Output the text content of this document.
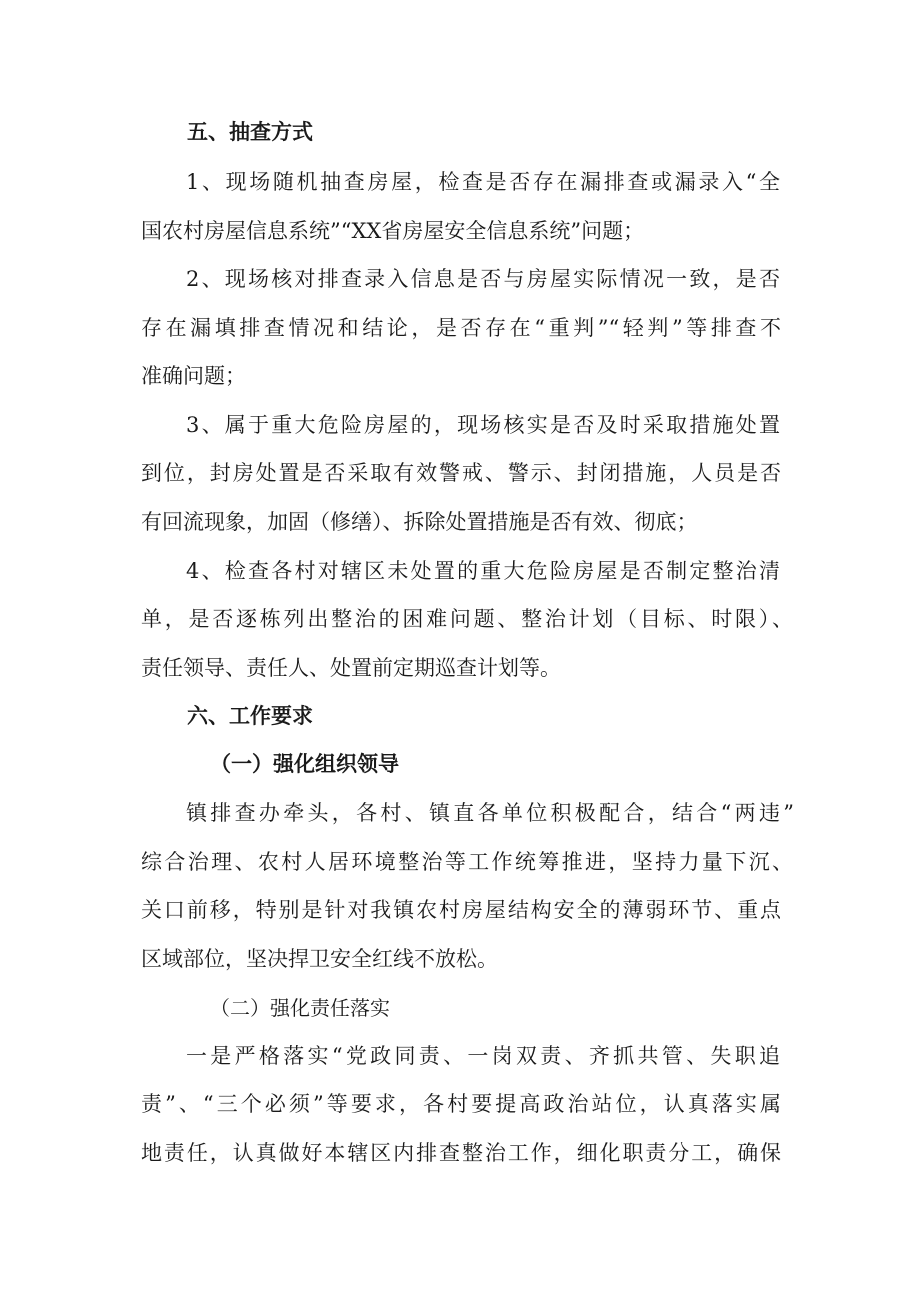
五、抽查方式
1、现场随机抽查房屋，检查是否存在漏排查或漏录入“全
国农村房屋信息系统”“XX省房屋安全信息系统”问题；
2、现场核对排查录入信息是否与房屋实际情况一致，是否
存在漏填排查情况和结论，是否存在“重判”“轻判”等排查不
准确问题；
3、属于重大危险房屋的，现场核实是否及时采取措施处置
到位，封房处置是否采取有效警戒、警示、封闭措施，人员是否
有回流现象，加固（修缮）、拆除处置措施是否有效、彻底；
4、检查各村对辖区未处置的重大危险房屋是否制定整治清
单，是否逐栋列出整治的困难问题、整治计划（目标、时限）、
责任领导、责任人、处置前定期巡查计划等。
六、工作要求
（一）强化组织领导
镇排查办牵头，各村、镇直各单位积极配合，结合“两违”
综合治理、农村人居环境整治等工作统筹推进，坚持力量下沉、
关口前移，特别是针对我镇农村房屋结构安全的薄弱环节、重点
区域部位，坚决捍卫安全红线不放松。
（二）强化责任落实
一是严格落实“党政同责、一岗双责、齐抓共管、失职追
责”、“三个必须”等要求，各村要提高政治站位，认真落实属
地责任，认真做好本辖区内排查整治工作，细化职责分工，确保
